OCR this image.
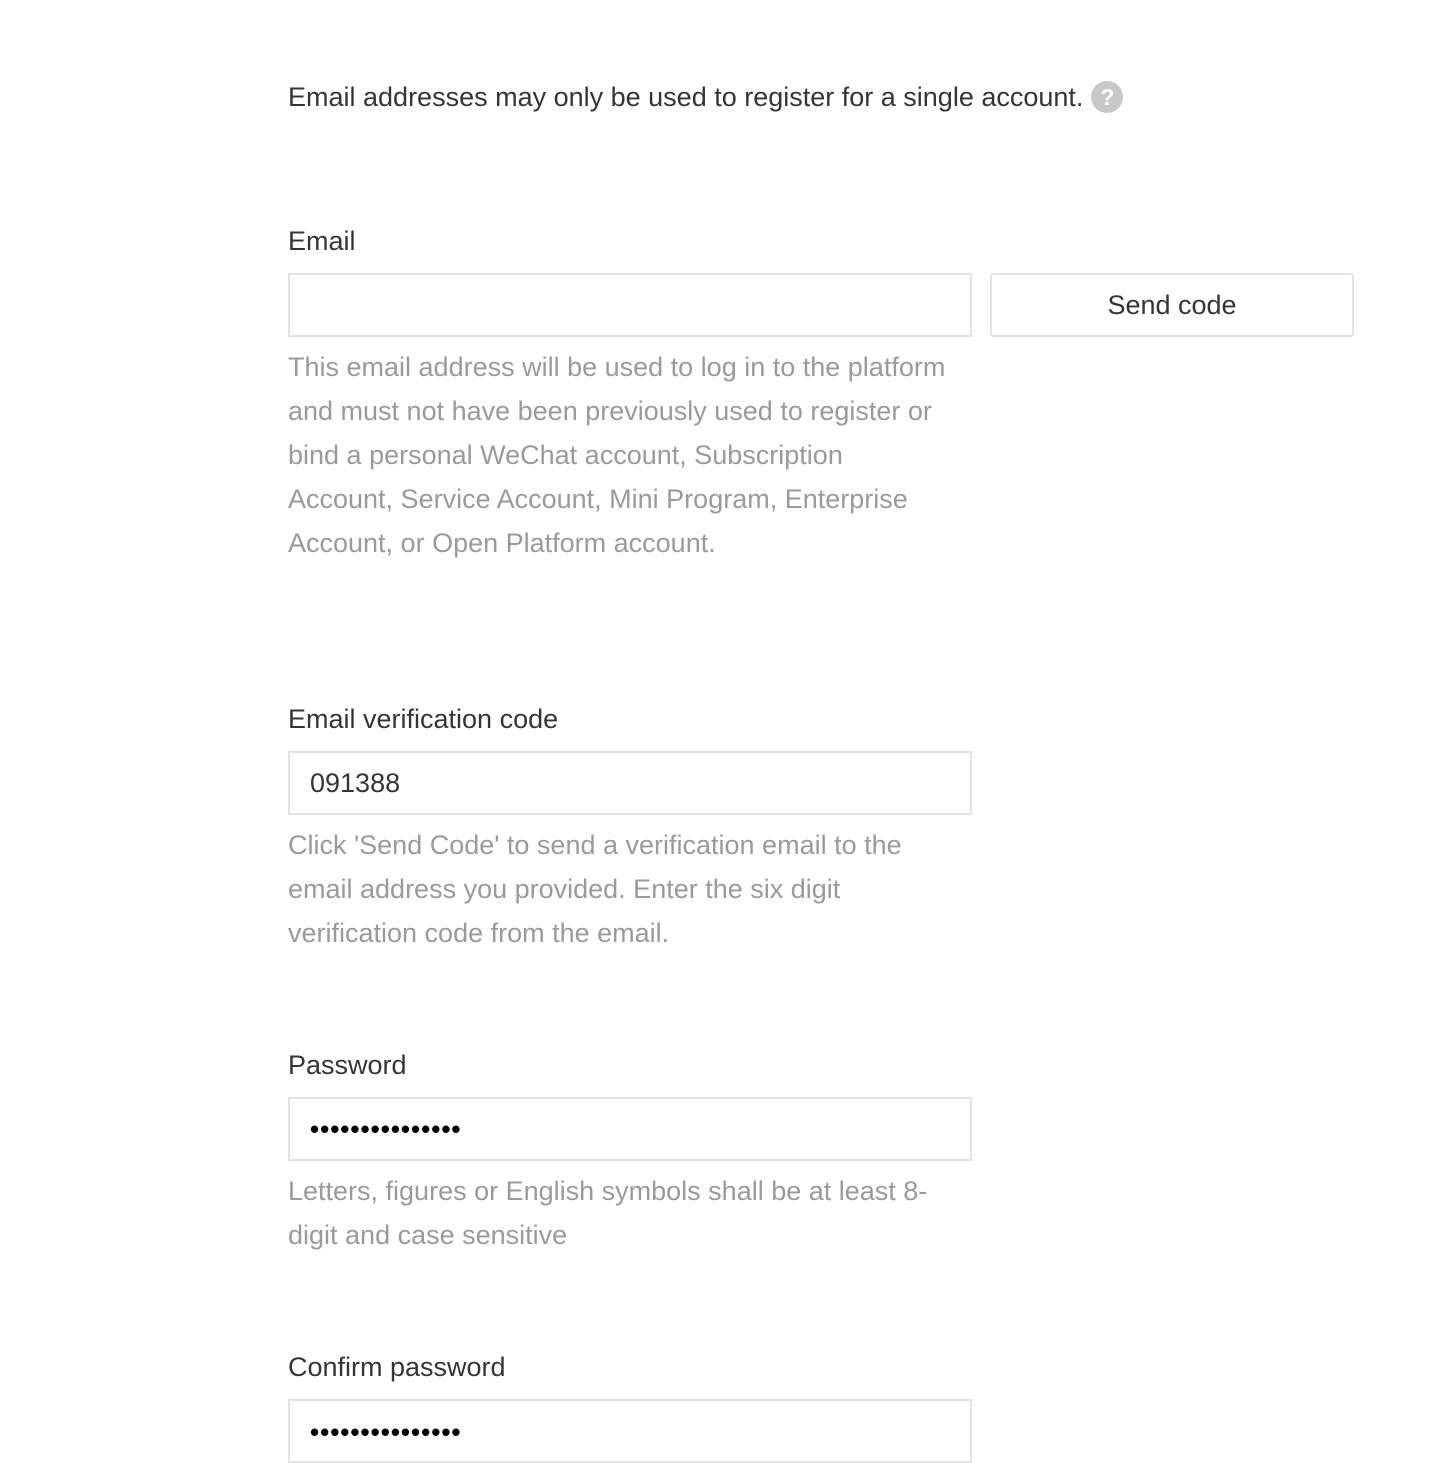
Email addresses may only be used to register for a single account. ?
Email
Send code
This email address will be used to log in to the platform and must not have been previously used to register or bind a personal WeChat account, Subscription Account, Service Account, Mini Program, Enterprise Account, or Open Platform account.
Email verification code
091388
Click 'Send Code' to send a verification email to the email address you provided. Enter the six digit verification code from the email.
Password
•••••••••••••••
Letters, figures or English symbols shall be at least 8-digit and case sensitive
Confirm password
•••••••••••••••
